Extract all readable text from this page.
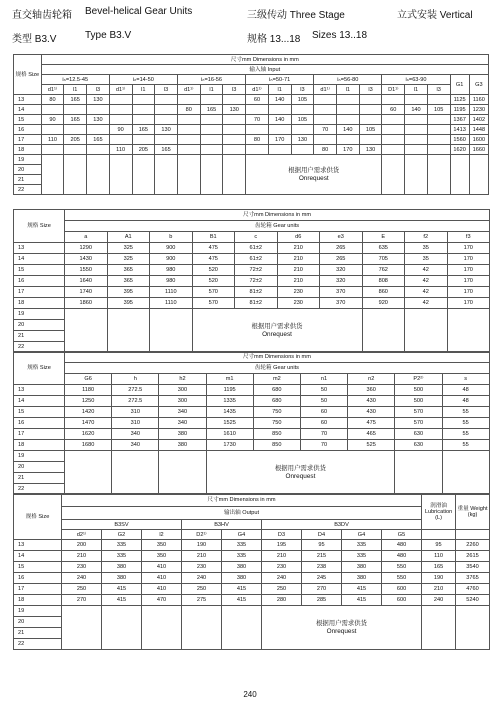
直交轴齿轮箱 Bevel-helical Gear Units	三级传动 Three Stage	立式安装 Vertical
类型 B3.V	Type B3.V	规格 13...18 Sizes 13..18
规格 Size	尺寸mm Dimensions in mm																			
	输入轴 Input																			
	iₙ=12.5-45			iₙ=14-50			iₙ=16-56			iₙ=50-71			iₙ=56-80			iₙ=63-90			G1	G3
	d1¹⁾	l1	l3	d1¹⁾	l1	l3	d1¹⁾	l1	l3	d1¹⁾	l1	l3	d1¹⁾	l1	l3	D1¹⁾	l1	l3		
13	80	165	130							60	140	105							1125	1160
14							80	165	130							60	140	105	1195	1230
15	90	165	130							70	140	105							1367	1402
16				90	165	130							70	140	105				1413	1448
17	110	205	165							80	170	130							1560	1600
18				110	205	165							80	170	130				1620	1660
19										根据用户需求供货
Onrequest										

20																				
21																				
22																				
规格 Size	尺寸mm Dimensions in mm									
	齿轮箱 Gear units									
	a	A1	b	B1	c	d6	e3	E	f2	f3
13	1290	325	900	475	61±2	210	265	635	35	170
14	1430	325	900	475	61±2	210	265	705	35	170
15	1550	365	980	520	72±2	210	320	762	42	170
16	1640	365	980	520	72±2	210	320	808	42	170
17	1740	395	1110	570	81±2	230	370	860	42	170
18	1860	395	1110	570	81±2	230	370	920	42	170
19				根据用户需求供货
Onrequest						

20										
21										
22										
规格 Size	尺寸mm Dimensions in mm								
	齿轮箱 Gear units								
	G6	h	h2	m1	m2	n1	n2	P2²⁾	s
13	1180	272.5	300	1195	680	50	360	500	48
14	1250	272.5	300	1335	680	50	430	500	48
15	1420	310	340	1435	750	60	430	570	55
16	1470	310	340	1525	750	60	475	570	55
17	1620	340	380	1610	850	70	465	630	55
18	1680	340	380	1730	850	70	525	630	55
19				根据用户需求供货
Onrequest					

20									
21									
22									
规格 Size	尺寸mm Dimensions in mm									润滑油 Lubrication (L)	重量 Weight (kg)
	输出轴 Output										
	B3SV			B3HV		B3DV					
	d2¹⁾	G2	l2	D2¹⁾	G4	D3	D4	G4	G5		
13	200	335	350	190	335	195	95	335	480	95	2260
14	210	335	350	210	335	210	215	335	480	110	2615
15	230	380	410	230	380	230	238	380	550	165	3540
16	240	380	410	240	380	240	245	380	550	190	3765
17	250	415	410	250	415	250	270	415	600	210	4760
18	270	415	470	275	415	280	285	415	600	240	5240
19						根据用户需求供货
Onrequest					

20											
21											
22											
240
